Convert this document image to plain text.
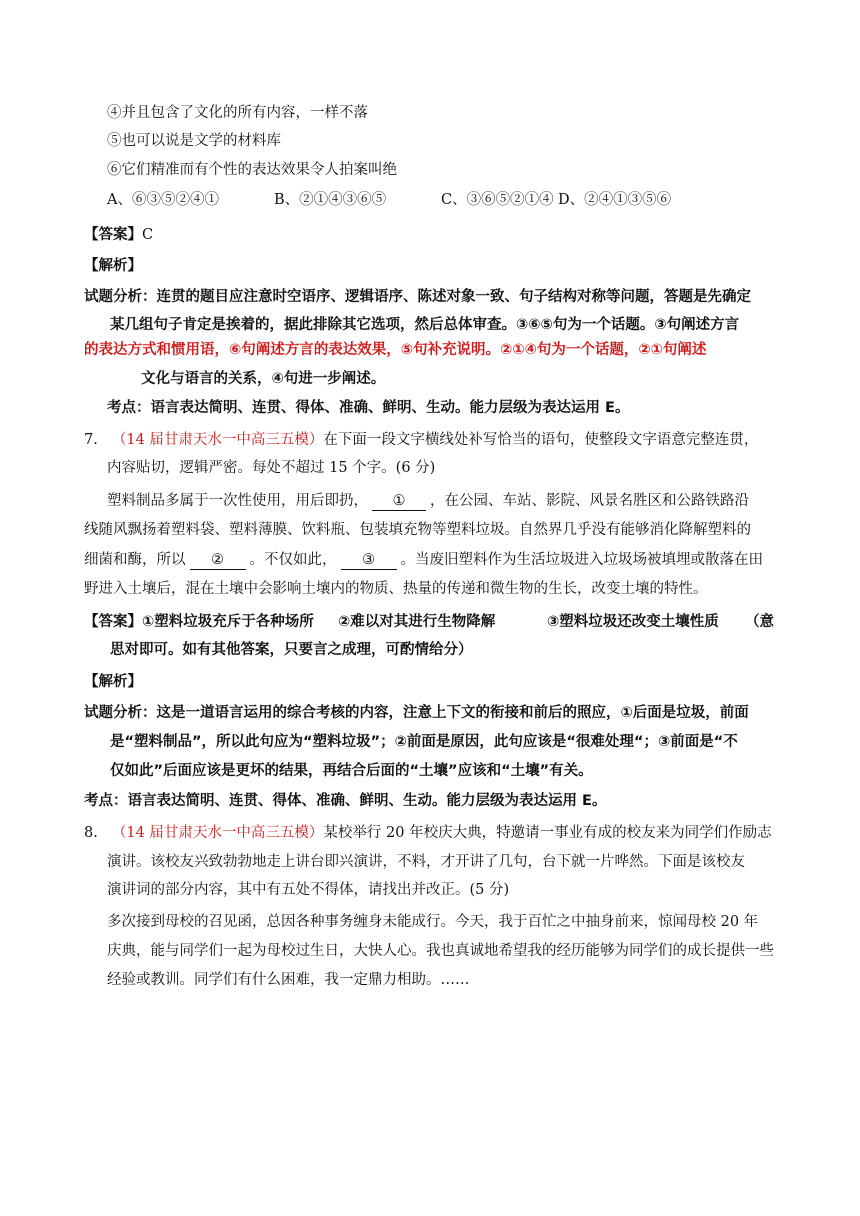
④并且包含了文化的所有内容，一样不落
⑤也可以说是文学的材料库
⑥它们精准而有个性的表达效果令人拍案叫绝
A、⑥③⑤②④①	B、②①④③⑥⑤	C、③⑥⑤②①④ D、②④①③⑤⑥
【答案】C
【解析】
试题分析：连贯的题目应注意时空语序、逻辑语序、陈述对象一致、句子结构对称等问题，答题是先确定
某几组句子肯定是挨着的，据此排除其它选项，然后总体审查。③⑥⑤句为一个话题。③句阐述方言
的表达方式和惯用语，⑥句阐述方言的表达效果，⑤句补充说明。②①④句为一个话题，②①句阐述
文化与语言的关系，④句进一步阐述。
考点：语言表达简明、连贯、得体、准确、鲜明、生动。能力层级为表达运用 E。
7. （14 届甘肃天水一中高三五模）在下面一段文字横线处补写恰当的语句，使整段文字语意完整连贯，
内容贴切，逻辑严密。每处不超过 15 个字。(6 分)
塑料制品多属于一次性使用，用后即扔， ① ，在公园、车站、影院、风景名胜区和公路铁路沿
线随风飘扬着塑料袋、塑料薄膜、饮料瓶、包装填充物等塑料垃圾。自然界几乎没有能够消化降解塑料的
细菌和酶，所以 ② 。不仅如此， ③ 。当废旧塑料作为生活垃圾进入垃圾场被填埋或散落在田
野进入土壤后，混在土壤中会影响土壤内的物质、热量的传递和微生物的生长，改变土壤的特性。
【答案】①塑料垃圾充斥于各种场所 ②难以对其进行生物降解	③塑料垃圾还改变土壤性质 （意
思对即可。如有其他答案，只要言之成理，可酌情给分）
【解析】
试题分析：这是一道语言运用的综合考核的内容，注意上下文的衔接和前后的照应，①后面是垃圾，前面
是“塑料制品”，所以此句应为“塑料垃圾”；②前面是原因，此句应该是“很难处理“；③前面是“不
仅如此”后面应该是更坏的结果，再结合后面的“土壤”应该和“土壤”有关。
考点：语言表达简明、连贯、得体、准确、鲜明、生动。能力层级为表达运用 E。
8. （14 届甘肃天水一中高三五模）某校举行 20 年校庆大典，特邀请一事业有成的校友来为同学们作励志
演讲。该校友兴致勃勃地走上讲台即兴演讲，不料，才开讲了几句，台下就一片哗然。下面是该校友
演讲词的部分内容，其中有五处不得体，请找出并改正。(5 分)
多次接到母校的召见函，总因各种事务缠身未能成行。今天，我于百忙之中抽身前来，惊闻母校 20 年
庆典，能与同学们一起为母校过生日，大快人心。我也真诚地希望我的经历能够为同学们的成长提供一些
经验或教训。同学们有什么困难，我一定鼎力相助。……
